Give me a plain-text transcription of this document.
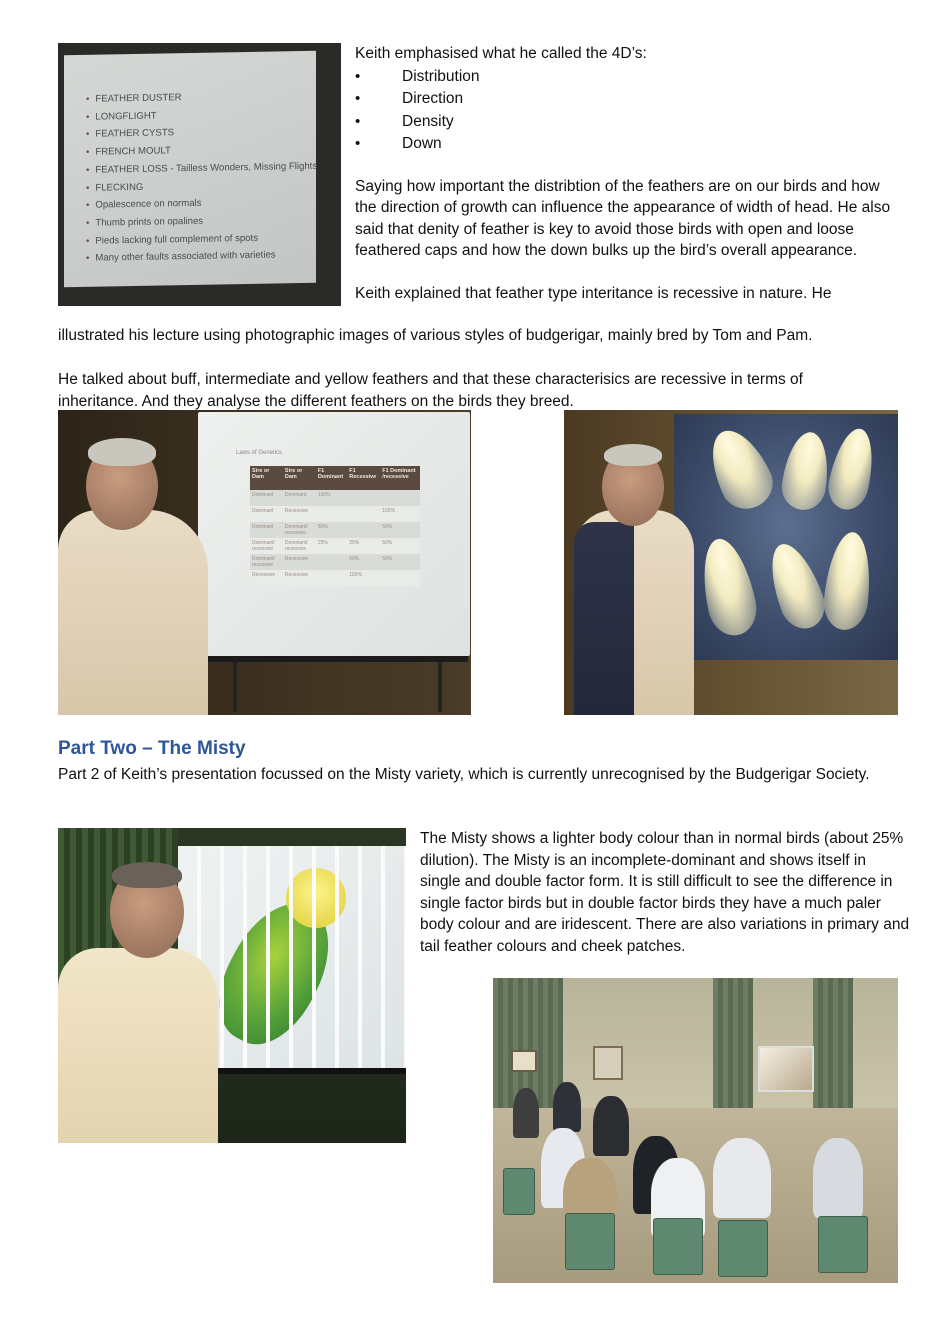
• FEATHER DUSTER
• LONGFLIGHT
• FEATHER CYSTS
• FRENCH MOULT
• FEATHER LOSS - Tailless Wonders, Missing Flights
• FLECKING
• Opalescence on normals
• Thumb prints on opalines
• Pieds lacking full complement of spots
• Many other faults associated with varieties

Keith emphasised what he called the 4D’s:

• Distribution
• Direction
• Density
• Down

Saying how important the distribtion of the feathers are on our birds and how the direction of growth can influence the appearance of width of head. He also said that denity of feather is key to avoid those birds with open and loose feathered caps and how the down bulks up the bird’s overall appearance.

Keith explained that feather type interitance is recessive in nature. He

illustrated his lecture using photographic images of various styles of budgerigar, mainly bred by Tom and Pam.

He talked about buff, intermediate and yellow feathers and that these characterisics are recessive in terms of inheritance. And they analyse the different feathers on the birds they breed.

Laws of Genetics
Sire or Dam	Sire or Dam	F1 Dominant	F1 Recessive	F1 Dominant /recessive
Dominant	Dominant	100%		
Dominant	Recessive			100%
Dominant	Dominant/ recessive	50%		50%
Dominant/ recessive	Dominant/ recessive	25%	25%	50%
Dominant/ recessive	Recessive		50%	50%
Recessive	Recessive		100%	
Part Two – The Misty

Part 2 of Keith’s presentation focussed on the Misty variety, which is currently unrecognised by the Budgerigar Society.

The Misty shows a lighter body colour than in normal birds (about 25% dilution). The Misty is an incomplete-dominant and shows itself in single and double factor form. It is still difficult to see the difference in single factor birds but in double factor birds they have a much paler body colour and are iridescent. There are also variations in primary and tail feather colours and cheek patches.
